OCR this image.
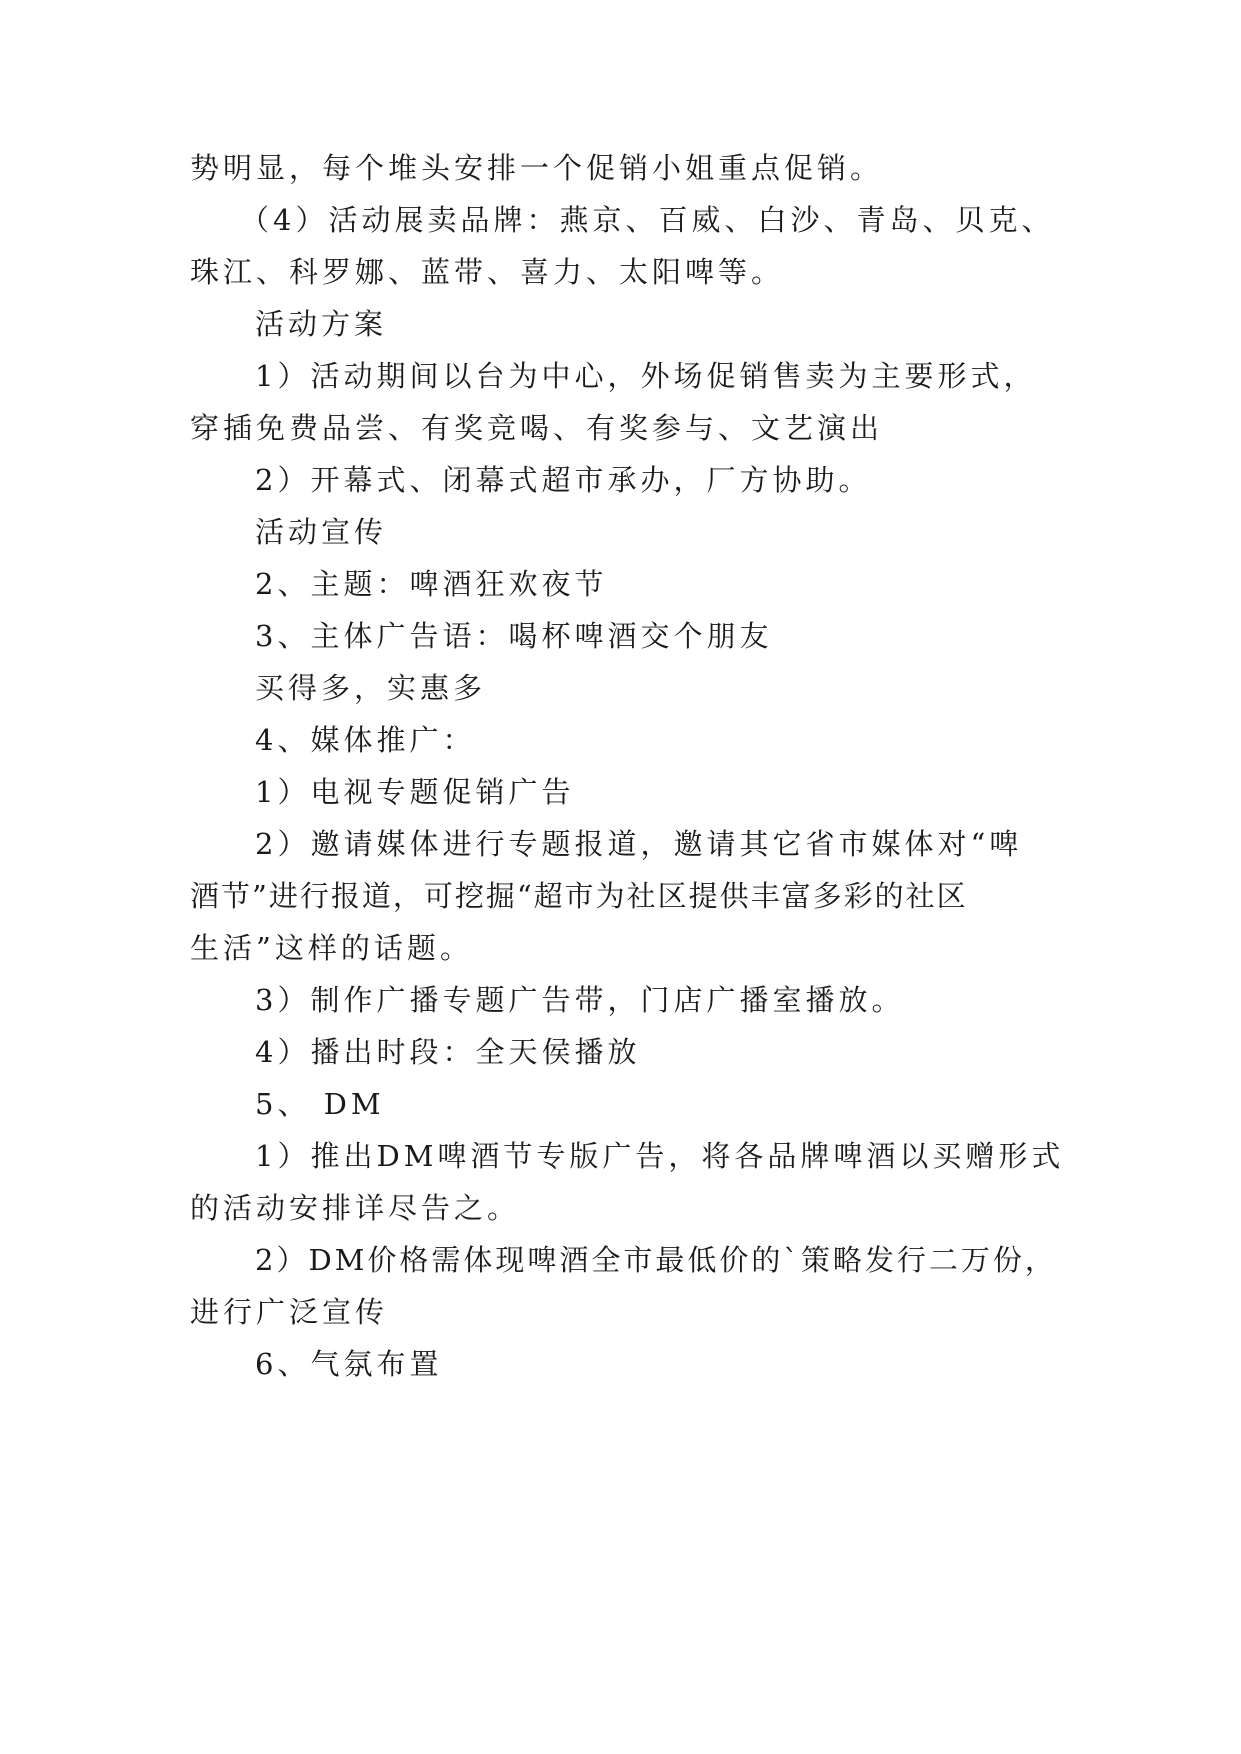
势明显，每个堆头安排一个促销小姐重点促销。
（4）活动展卖品牌：燕京、百威、白沙、青岛、贝克、
珠江、科罗娜、蓝带、喜力、太阳啤等。
活动方案
1）活动期间以台为中心，外场促销售卖为主要形式，
穿插免费品尝、有奖竞喝、有奖参与、文艺演出
2）开幕式、闭幕式超市承办，厂方协助。
活动宣传
2、主题：啤酒狂欢夜节
3、主体广告语：喝杯啤酒交个朋友
买得多，实惠多
4、媒体推广：
1）电视专题促销广告
2）邀请媒体进行专题报道，邀请其它省市媒体对“啤
酒节”进行报道，可挖掘“超市为社区提供丰富多彩的社区
生活”这样的话题。
3）制作广播专题广告带，门店广播室播放。
4）播出时段：全天侯播放
5、 DM
1）推出DM啤酒节专版广告，将各品牌啤酒以买赠形式
的活动安排详尽告之。
2）DM价格需体现啤酒全市最低价的`策略发行二万份，
进行广泛宣传
6、气氛布置
